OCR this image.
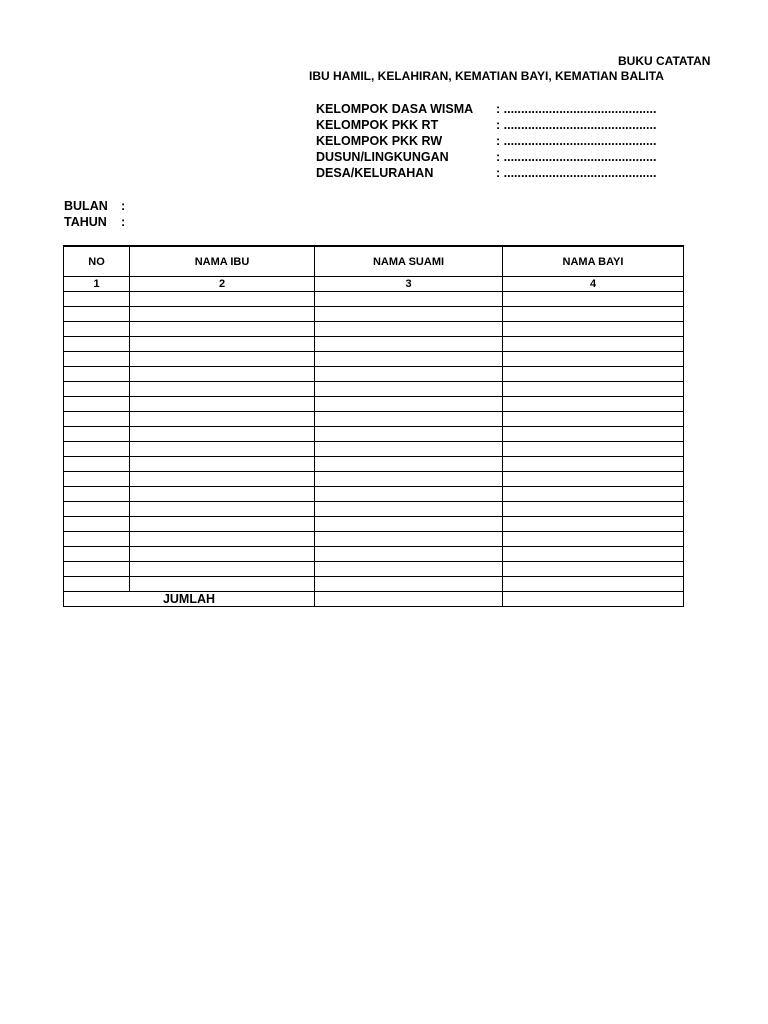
BUKU CATATAN
IBU HAMIL, KELAHIRAN, KEMATIAN BAYI, KEMATIAN BALITA
KELOMPOK DASA WISMA : ............................................
KELOMPOK PKK RT	: ............................................
KELOMPOK PKK RW	: ............................................
DUSUN/LINGKUNGAN	: ............................................
DESA/KELURAHAN	: ............................................
BULAN :
TAHUN :
NO	NAMA IBU	NAMA SUAMI	NAMA BAYI
1	2	3	4

JUMLAH			
